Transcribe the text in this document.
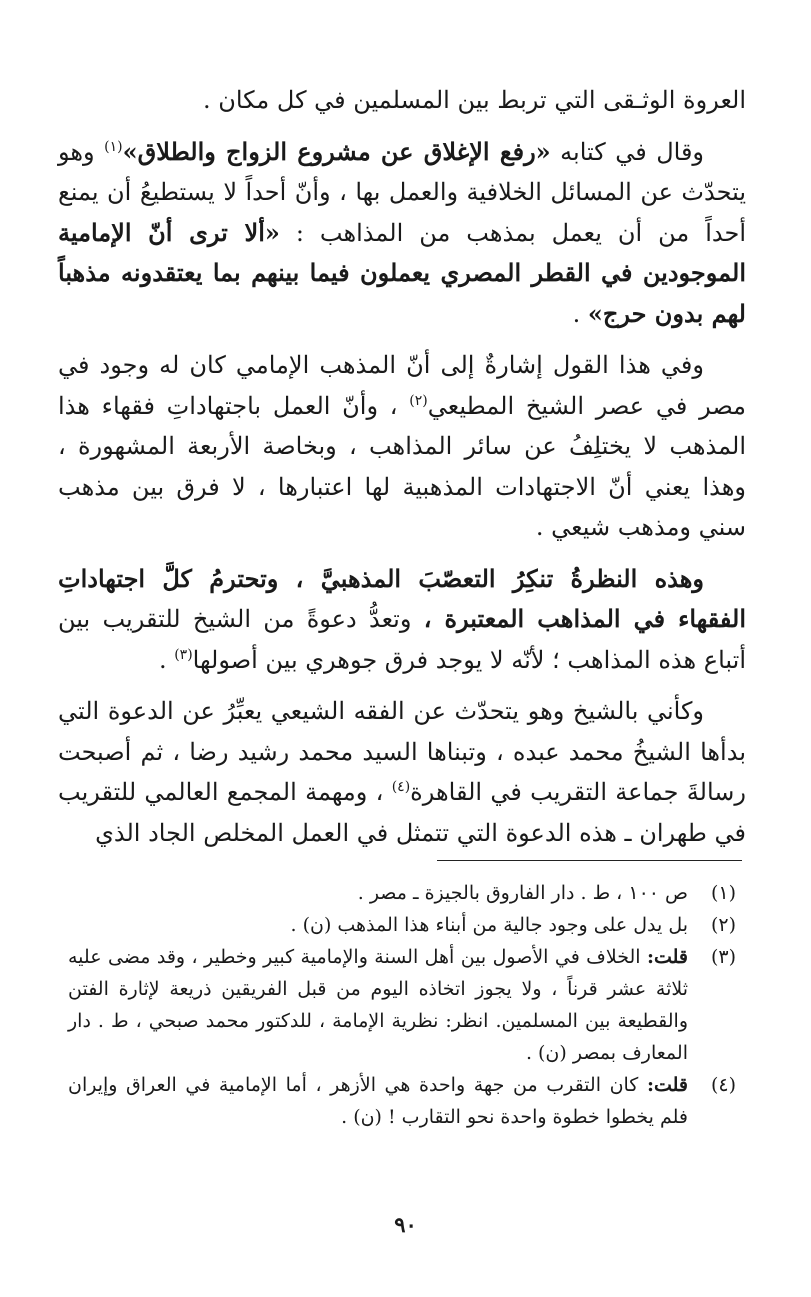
العروة الوثـقى التي تربط بين المسلمين في كل مكان .

وقال في كتابه «رفع الإغلاق عن مشروع الزواج والطلاق»$^{(١)}$ وهو يتحدّث عن المسائل الخلافية والعمل بها ، وأنّ أحداً لا يستطيعُ أن يمنع أحداً من أن يعمل بمذهب من المذاهب : «ألا ترى أنّ الإمامية الموجودين في القطر المصري يعملون فيما بينهم بما يعتقدونه مذهباً لهم بدون حرج» .

وفي هذا القول إشارةٌ إلى أنّ المذهب الإمامي كان له وجود في مصر في عصر الشيخ المطيعي$^{(٢)}$ ، وأنّ العمل باجتهاداتِ فقهاء هذا المذهب لا يختلِفُ عن سائر المذاهب ، وبخاصة الأربعة المشهورة ، وهذا يعني أنّ الاجتهادات المذهبية لها اعتبارها ، لا فرق بين مذهب سني ومذهب شيعي .

وهذه النظرةُ تنكِرُ التعصّبَ المذهبيَّ ، وتحترمُ كلَّ اجتهاداتِ الفقهاء في المذاهب المعتبرة ، وتعدُّ دعوةً من الشيخ للتقريب بين أتباع هذه المذاهب ؛ لأنّه لا يوجد فرق جوهري بين أصولها$^{(٣)}$ .

وكأني بالشيخ وهو يتحدّث عن الفقه الشيعي يعبِّرُ عن الدعوة التي بدأها الشيخُ محمد عبده ، وتبناها السيد محمد رشيد رضا ، ثم أصبحت رسالةَ جماعة التقريب في القاهرة$^{(٤)}$ ، ومهمة المجمع العالمي للتقريب في طهران ـ هذه الدعوة التي تتمثل في العمل المخلص الجاد الذي

(١)
ص ١٠٠ ، ط . دار الفاروق بالجيزة ـ مصر .
(٢)
بل يدل على وجود جالية من أبناء هذا المذهب (ن) .
(٣)
قلت: الخلاف في الأصول بين أهل السنة والإمامية كبير وخطير ، وقد مضى عليه ثلاثة عشر قرناً ، ولا يجوز اتخاذه اليوم من قبل الفريقين ذريعة لإثارة الفتن والقطيعة بين المسلمين. انظر: نظرية الإمامة ، للدكتور محمد صبحي ، ط . دار المعارف بمصر (ن) .
(٤)
قلت: كان التقرب من جهة واحدة هي الأزهر ، أما الإمامية في العراق وإيران فلم يخطوا خطوة واحدة نحو التقارب ! (ن) .
٩٠
